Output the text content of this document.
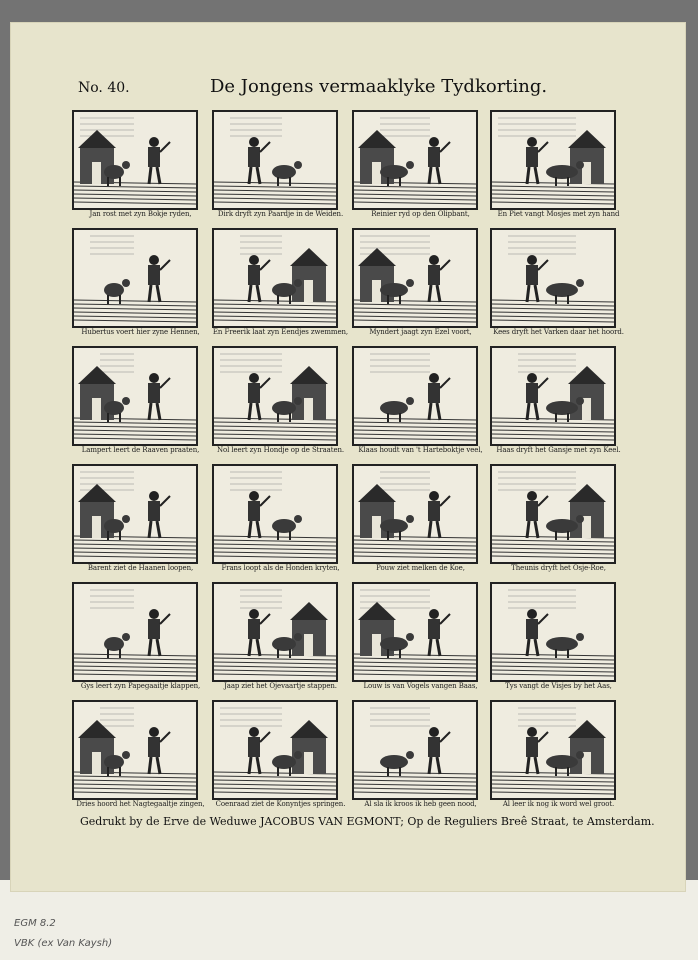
No. 40.	De Jongens vermaaklyke Tydkorting.
Jan rost met zyn Bokje ryden,	Dirk dryft zyn Paardje in de Weiden.	Reinier ryd op den Olipbant,	En Piet vangt Mosjes met zyn hand
Hubertus voert hier zyne Hennen,	En Freerik laat zyn Eendjes zwemmen,	Myndert jaagt zyn Ezel voort,	Kees dryft het Varken daar het hoord.
Lampert leert de Raaven praaten,	Nol leert zyn Hondje op de Straaten.	Klaas houdt van 't Harteboktje veel,	Haas dryft het Gansje met zyn Keel.
Barent ziet de Haanen loopen,	Frans loopt als de Honden kryten,	Pouw ziet melken de Koe,	Theunis dryft het Osje-Roe,
Gys leert zyn Papegaaitje klappen,	Jaap ziet het Ojevaartje stappen.	Louw is van Vogels vangen Baas,	Tys vangt de Visjes by het Aas,
Dries hoord het Nagtegaaltje zingen,	Coenraad ziet de Konyntjes springen.	Al sla ik kroos ik heb geen nood,	Al leer ik nog ik word wel groot.
Gedrukt by de Erve de Weduwe JACOBUS VAN EGMONT; Op de Reguliers Breê Straat, te Amsterdam.
EGM 8.2
VBK (ex Van Kaysh)
